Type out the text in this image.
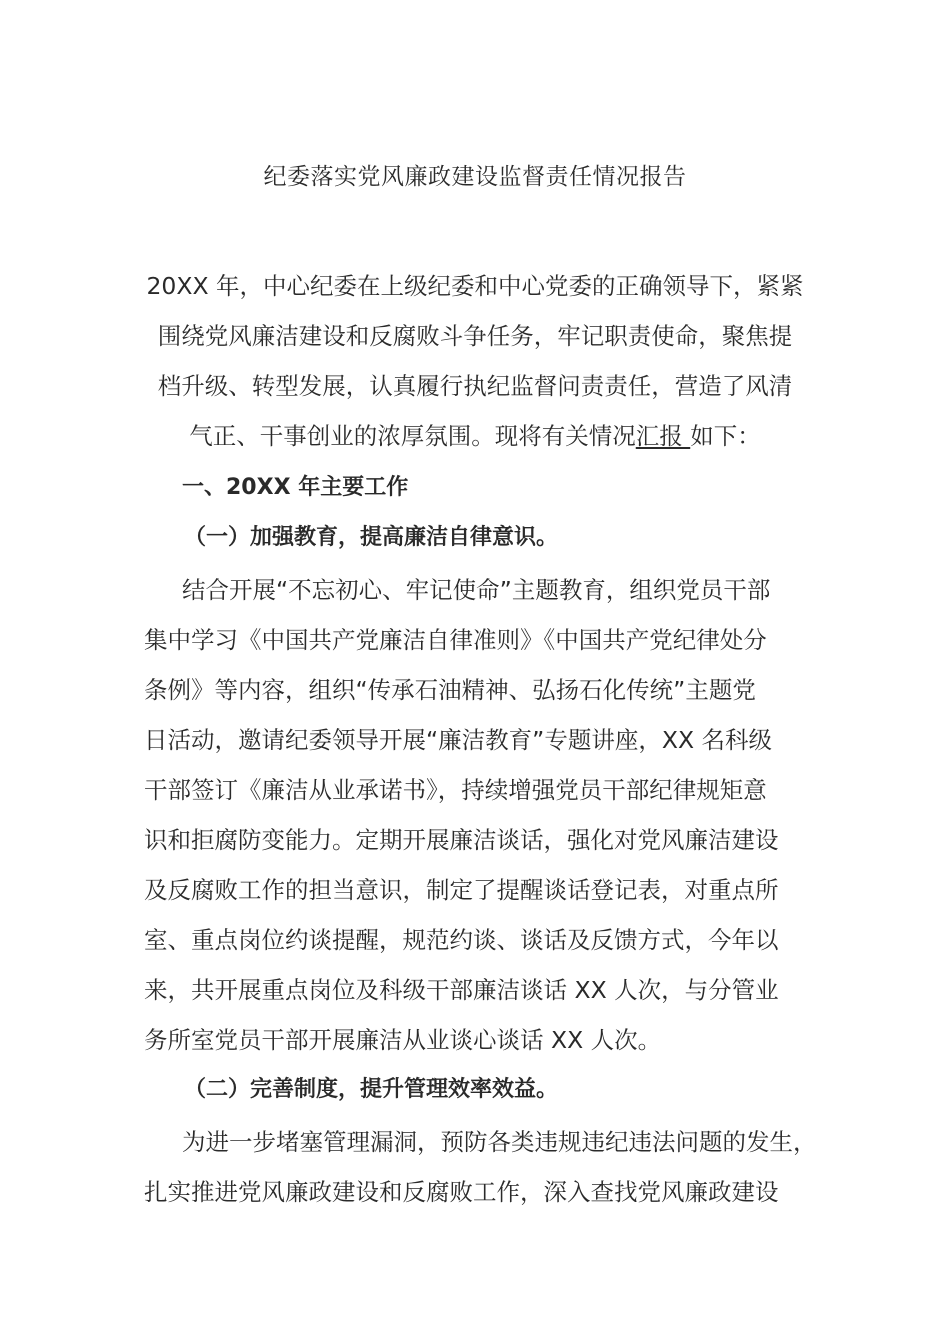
纪委落实党风廉政建设监督责任情况报告
20XX 年，中心纪委在上级纪委和中心党委的正确领导下，紧紧
围绕党风廉洁建设和反腐败斗争任务，牢记职责使命，聚焦提
档升级、转型发展，认真履行执纪监督问责责任，营造了风清
气正、干事创业的浓厚氛围。现将有关情况汇报 如下：
一、20XX 年主要工作
（一）加强教育，提高廉洁自律意识。
结合开展“不忘初心、牢记使命”主题教育，组织党员干部
集中学习《中国共产党廉洁自律准则》《中国共产党纪律处分
条例》等内容，组织“传承石油精神、弘扬石化传统”主题党
日活动，邀请纪委领导开展“廉洁教育”专题讲座，XX 名科级
干部签订《廉洁从业承诺书》，持续增强党员干部纪律规矩意
识和拒腐防变能力。定期开展廉洁谈话，强化对党风廉洁建设
及反腐败工作的担当意识，制定了提醒谈话登记表，对重点所
室、重点岗位约谈提醒，规范约谈、谈话及反馈方式，今年以
来，共开展重点岗位及科级干部廉洁谈话 XX 人次，与分管业
务所室党员干部开展廉洁从业谈心谈话 XX 人次。
（二）完善制度，提升管理效率效益。
为进一步堵塞管理漏洞，预防各类违规违纪违法问题的发生，
扎实推进党风廉政建设和反腐败工作，深入查找党风廉政建设
